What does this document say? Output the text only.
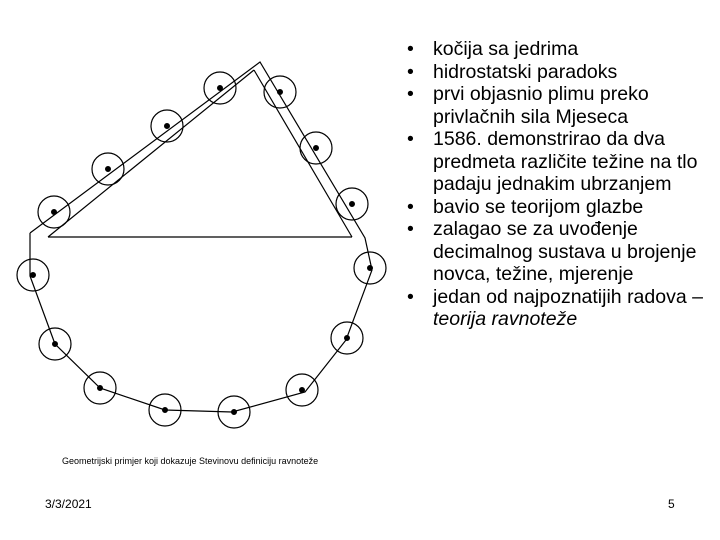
• kočija sa jedrima
• hidrostatski paradoks
• prvi objasnio plimu preko privlačnih sila Mjeseca
• 1586. demonstrirao da dva predmeta različite težine na tlo padaju jednakim ubrzanjem
• bavio se teorijom glazbe
• zalagao se za uvođenje decimalnog sustava u brojenje novca, težine, mjerenje
• jedan od najpoznatijih radova – teorija ravnoteže
Geometrijski primjer koji dokazuje Stevinovu definiciju ravnoteže
3/3/2021	5
